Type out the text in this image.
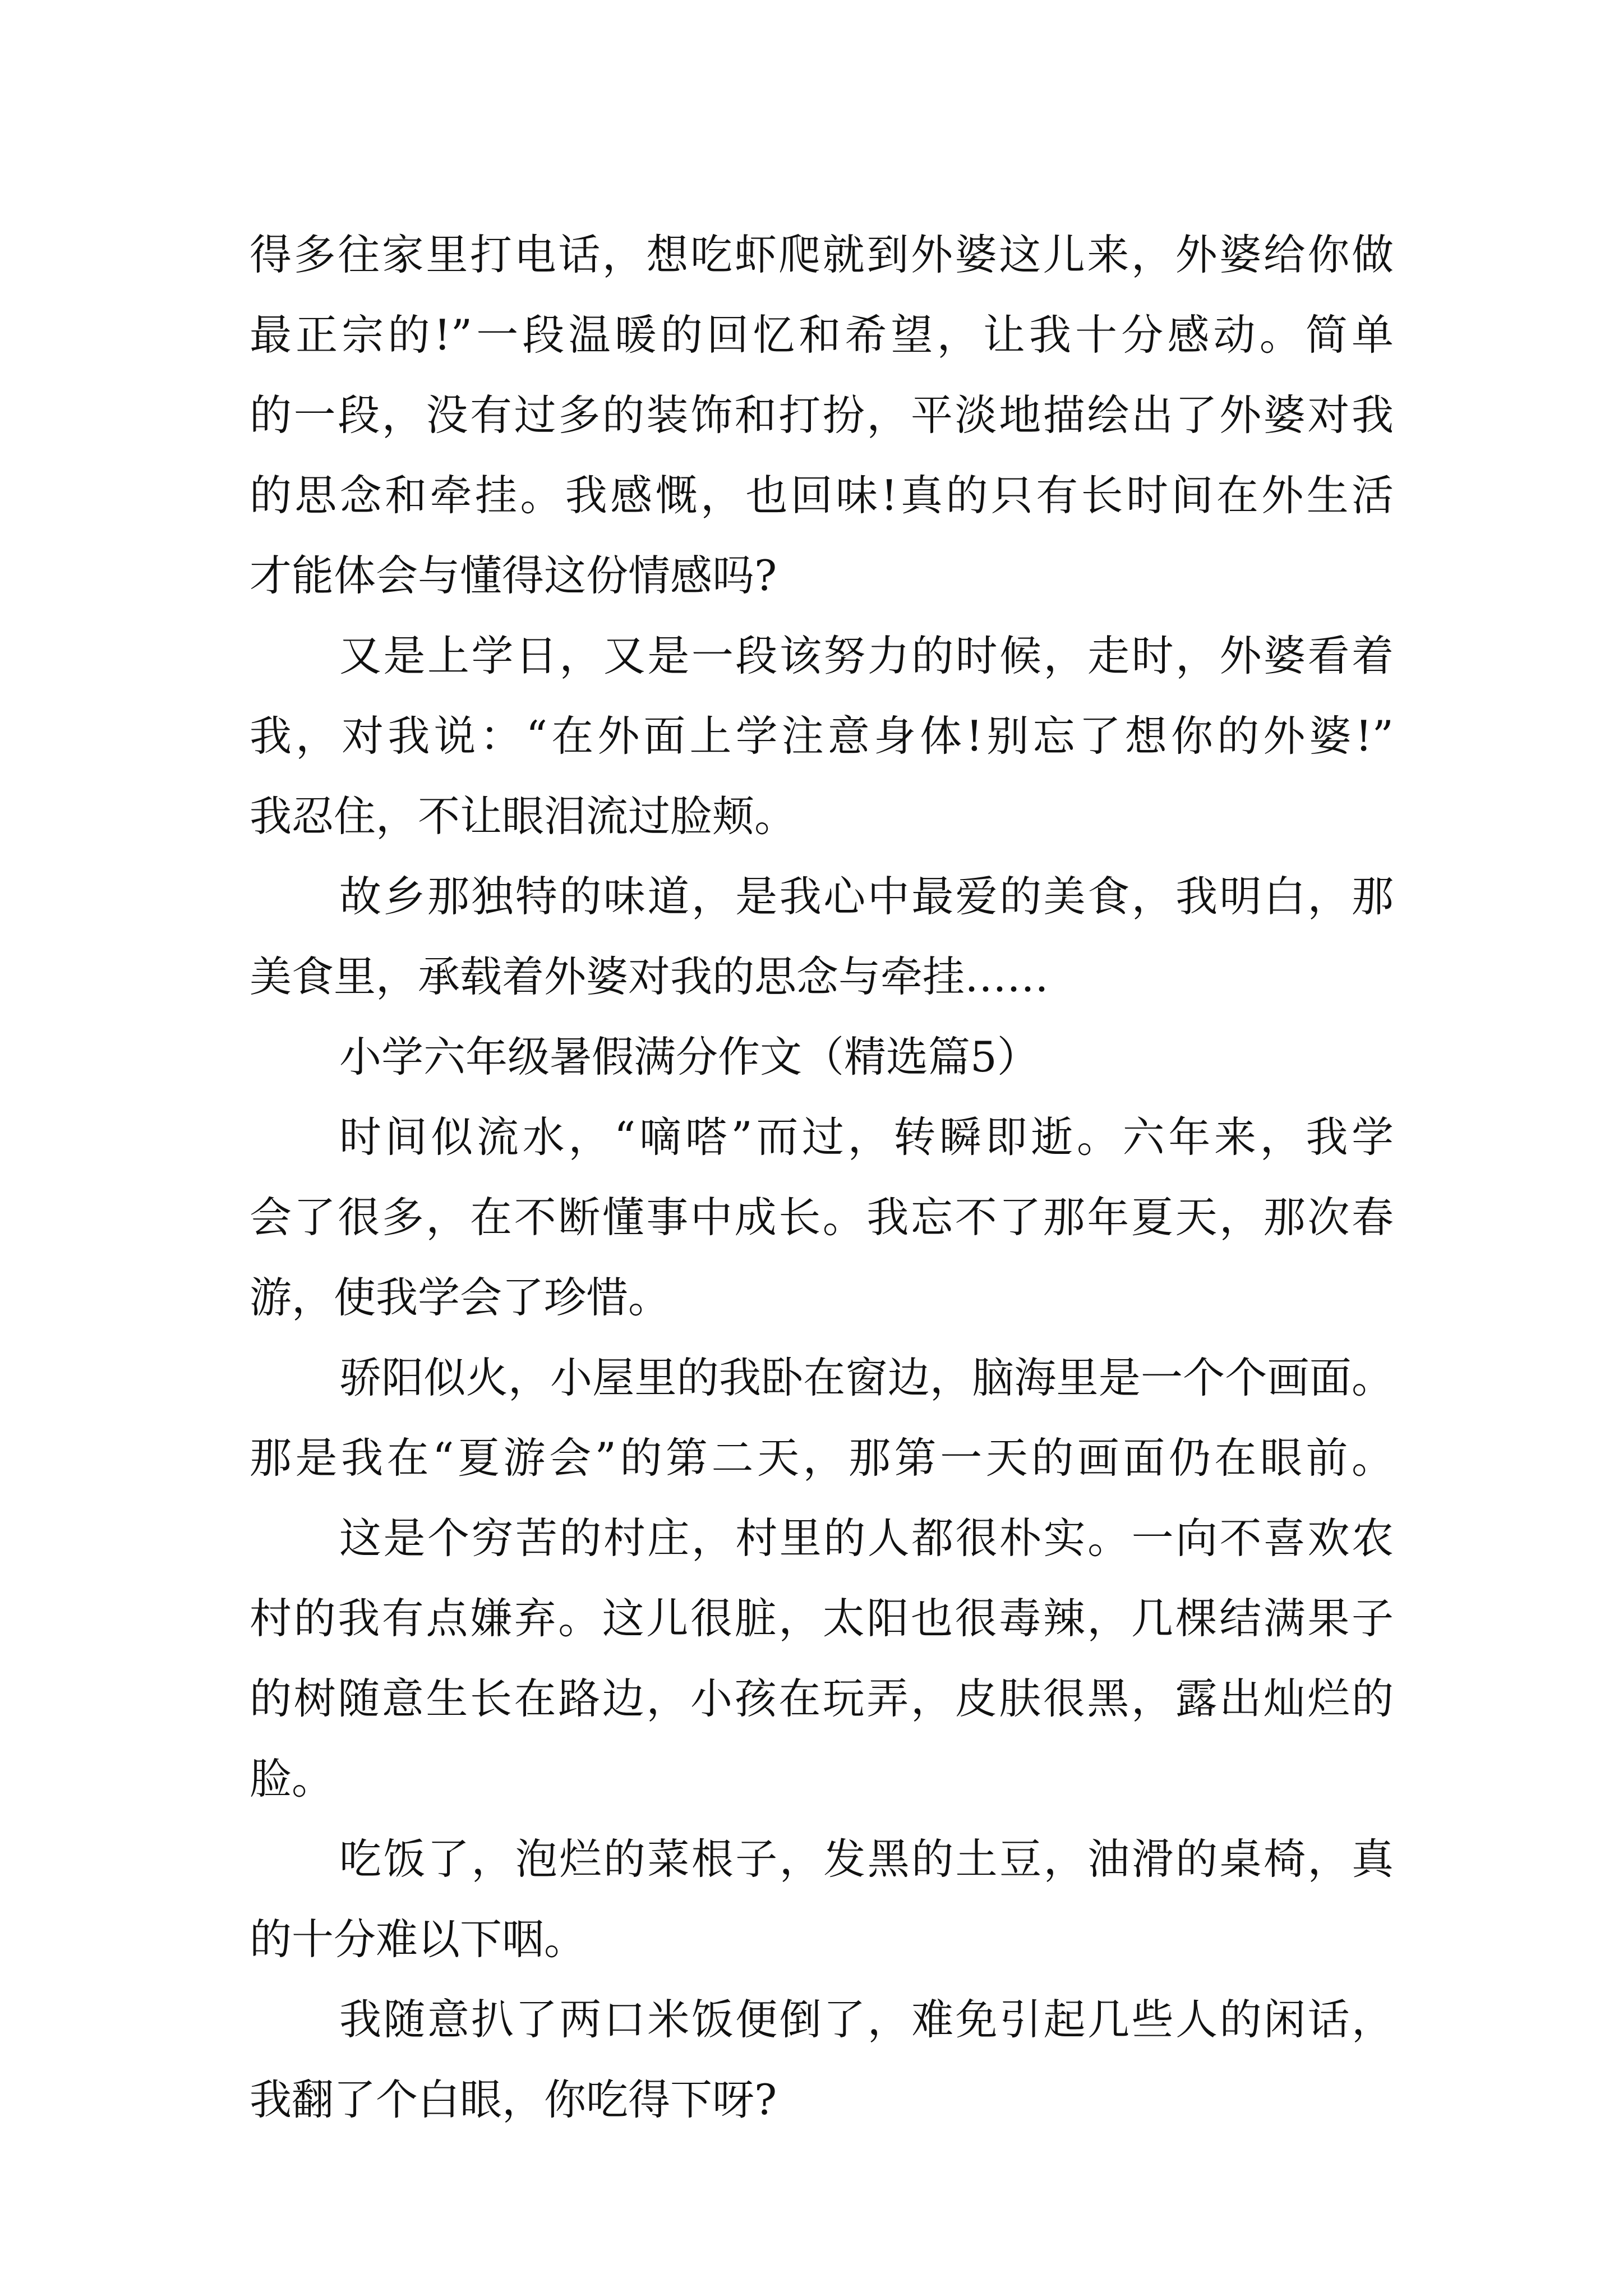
得多往家里打电话，想吃虾爬就到外婆这儿来，外婆给你做
最正宗的!”一段温暖的回忆和希望，让我十分感动。简单
的一段，没有过多的装饰和打扮，平淡地描绘出了外婆对我
的思念和牵挂。我感慨，也回味!真的只有长时间在外生活
才能体会与懂得这份情感吗?
又是上学日，又是一段该努力的时候，走时，外婆看着
我，对我说：“在外面上学注意身体!别忘了想你的外婆!”
我忍住，不让眼泪流过脸颊。
故乡那独特的味道，是我心中最爱的美食，我明白，那
美食里，承载着外婆对我的思念与牵挂……
小学六年级暑假满分作文（精选篇5）
时间似流水，“嘀嗒”而过，转瞬即逝。六年来，我学
会了很多，在不断懂事中成长。我忘不了那年夏天，那次春
游，使我学会了珍惜。
骄阳似火，小屋里的我卧在窗边，脑海里是一个个画面。
那是我在“夏游会”的第二天，那第一天的画面仍在眼前。
这是个穷苦的村庄，村里的人都很朴实。一向不喜欢农
村的我有点嫌弃。这儿很脏，太阳也很毒辣，几棵结满果子
的树随意生长在路边，小孩在玩弄，皮肤很黑，露出灿烂的
脸。
吃饭了，泡烂的菜根子，发黑的土豆，油滑的桌椅，真
的十分难以下咽。
我随意扒了两口米饭便倒了，难免引起几些人的闲话，
我翻了个白眼，你吃得下呀?
